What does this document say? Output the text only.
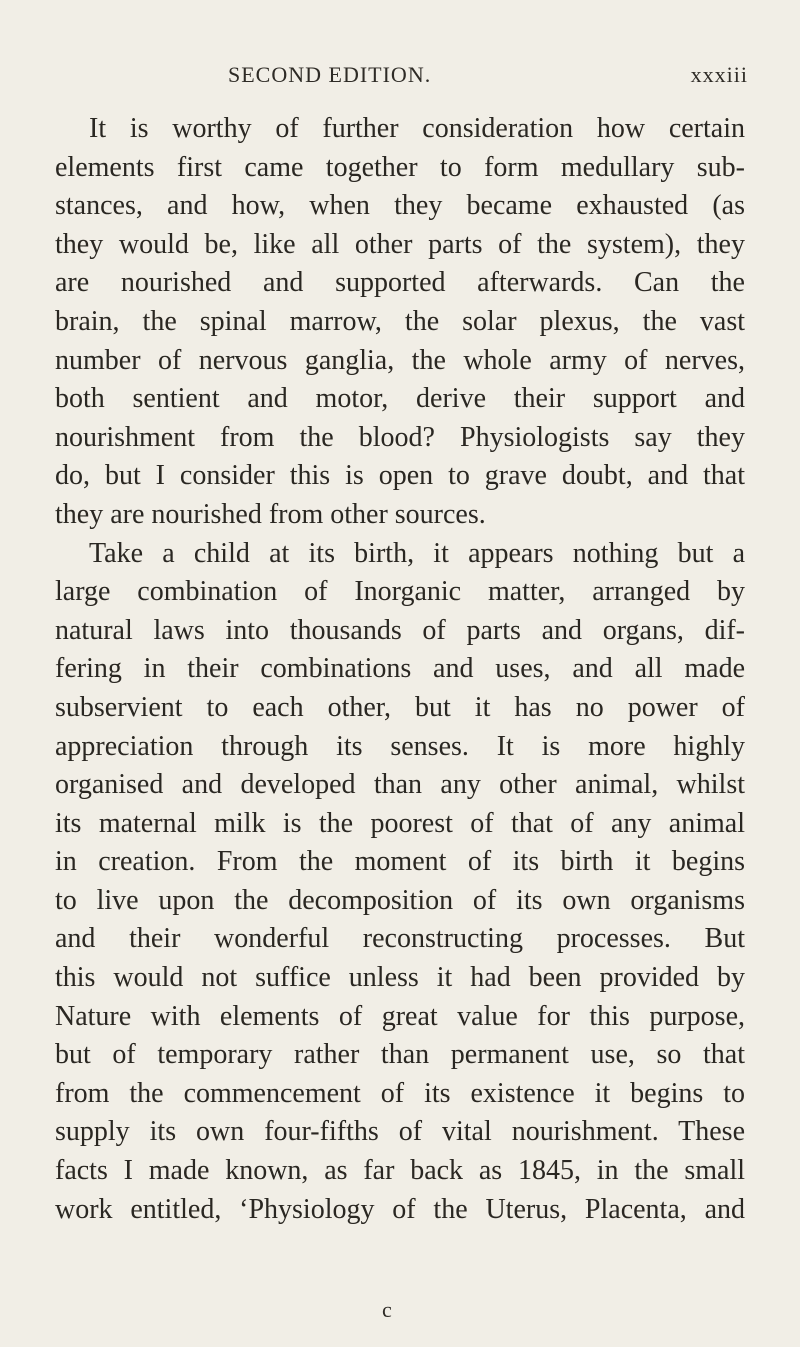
SECOND EDITION.	xxxiii
It is worthy of further consideration how certain
elements first came together to form medullary sub-
stances, and how, when they became exhausted (as
they would be, like all other parts of the system), they
are nourished and supported afterwards. Can the
brain, the spinal marrow, the solar plexus, the vast
number of nervous ganglia, the whole army of nerves,
both sentient and motor, derive their support and
nourishment from the blood? Physiologists say they
do, but I consider this is open to grave doubt, and that
they are nourished from other sources.
Take a child at its birth, it appears nothing but a
large combination of Inorganic matter, arranged by
natural laws into thousands of parts and organs, dif-
fering in their combinations and uses, and all made
subservient to each other, but it has no power of
appreciation through its senses. It is more highly
organised and developed than any other animal, whilst
its maternal milk is the poorest of that of any animal
in creation. From the moment of its birth it begins
to live upon the decomposition of its own organisms
and their wonderful reconstructing processes. But
this would not suffice unless it had been provided by
Nature with elements of great value for this purpose,
but of temporary rather than permanent use, so that
from the commencement of its existence it begins to
supply its own four-fifths of vital nourishment. These
facts I made known, as far back as 1845, in the small
work entitled, ‘Physiology of the Uterus, Placenta, and
c
